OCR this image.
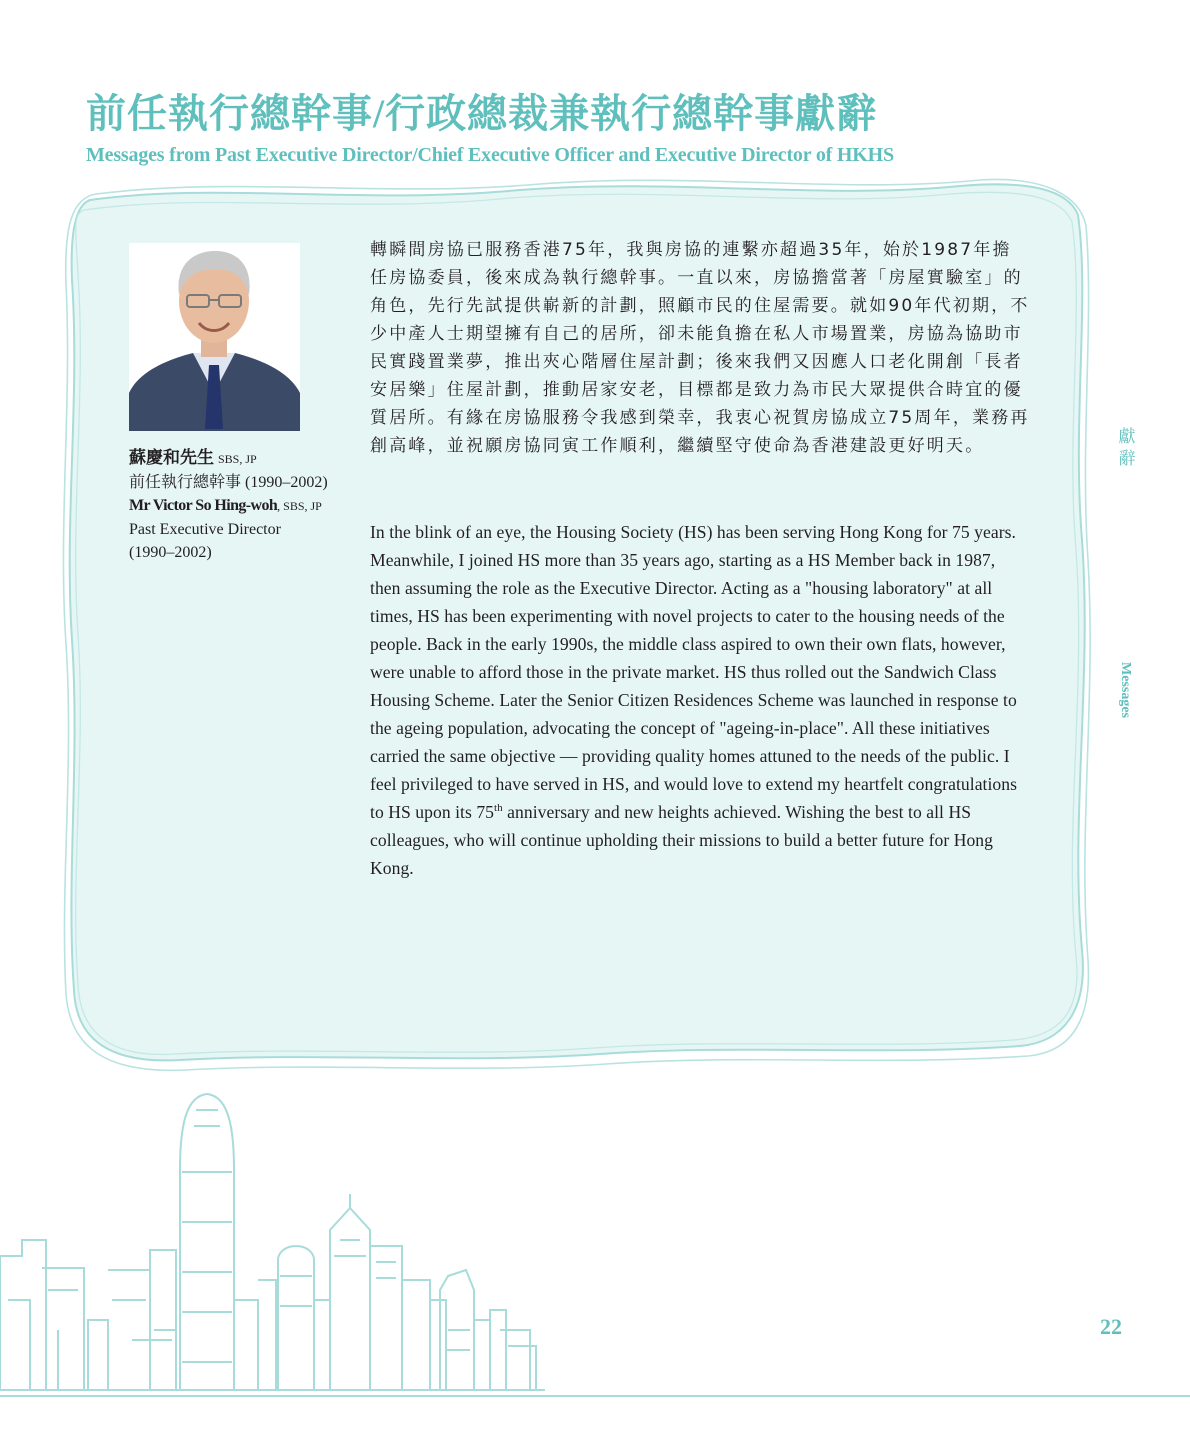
前任執行總幹事/行政總裁兼執行總幹事獻辭
Messages from Past Executive Director/Chief Executive Officer and Executive Director of HKHS
蘇慶和先生 SBS, JP
前任執行總幹事 (1990–2002)
Mr Victor So Hing-woh, SBS, JP
Past Executive Director
(1990–2002)
轉瞬間房協已服務香港75年，我與房協的連繫亦超過35年，始於1987年擔任房協委員，後來成為執行總幹事。一直以來，房協擔當著「房屋實驗室」的角色，先行先試提供嶄新的計劃，照顧市民的住屋需要。就如90年代初期，不少中產人士期望擁有自己的居所，卻未能負擔在私人市場置業，房協為協助市民實踐置業夢，推出夾心階層住屋計劃；後來我們又因應人口老化開創「長者安居樂」住屋計劃，推動居家安老，目標都是致力為市民大眾提供合時宜的優質居所。有緣在房協服務令我感到榮幸，我衷心祝賀房協成立75周年，業務再創高峰，並祝願房協同寅工作順利，繼續堅守使命為香港建設更好明天。
In the blink of an eye, the Housing Society (HS) has been serving Hong Kong for 75 years. Meanwhile, I joined HS more than 35 years ago, starting as a HS Member back in 1987, then assuming the role as the Executive Director. Acting as a "housing laboratory" at all times, HS has been experimenting with novel projects to cater to the housing needs of the people. Back in the early 1990s, the middle class aspired to own their own flats, however, were unable to afford those in the private market. HS thus rolled out the Sandwich Class Housing Scheme. Later the Senior Citizen Residences Scheme was launched in response to the ageing population, advocating the concept of "ageing-in-place". All these initiatives carried the same objective — providing quality homes attuned to the needs of the public. I feel privileged to have served in HS, and would love to extend my heartfelt congratulations to HS upon its 75th anniversary and new heights achieved. Wishing the best to all HS colleagues, who will continue upholding their missions to build a better future for Hong Kong.
獻
辭
Messages
22
